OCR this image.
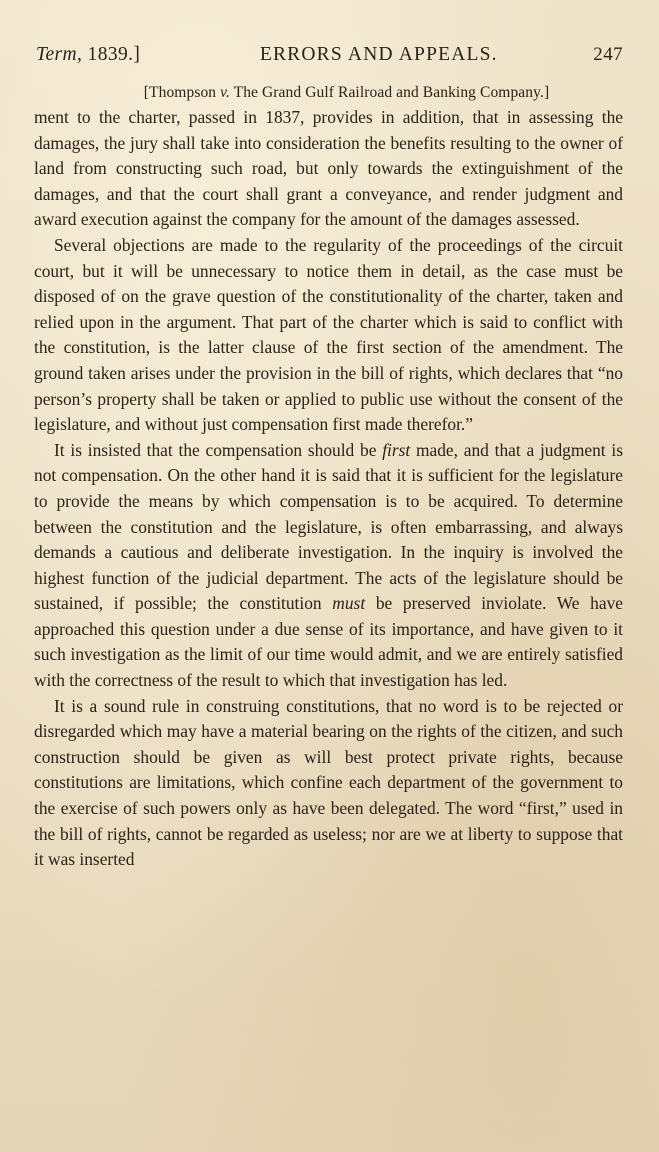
Term, 1839.]	ERRORS AND APPEALS.	247
[Thompson v. The Grand Gulf Railroad and Banking Company.]

ment to the charter, passed in 1837, provides in addition, that in assessing the damages, the jury shall take into consideration the benefits resulting to the owner of land from constructing such road, but only towards the extinguishment of the damages, and that the court shall grant a conveyance, and render judgment and award execution against the company for the amount of the damages assessed.

Several objections are made to the regularity of the proceedings of the circuit court, but it will be unnecessary to notice them in detail, as the case must be disposed of on the grave question of the constitutionality of the charter, taken and relied upon in the argument. That part of the charter which is said to conflict with the constitution, is the latter clause of the first section of the amendment. The ground taken arises under the provision in the bill of rights, which declares that “no person’s property shall be taken or applied to public use without the consent of the legislature, and without just compensation first made therefor.”

It is insisted that the compensation should be first made, and that a judgment is not compensation. On the other hand it is said that it is sufficient for the legislature to provide the means by which compensation is to be acquired. To determine between the constitution and the legislature, is often embarrassing, and always demands a cautious and deliberate investigation. In the inquiry is involved the highest function of the judicial department. The acts of the legislature should be sustained, if possible; the constitution must be preserved inviolate. We have approached this question under a due sense of its importance, and have given to it such investigation as the limit of our time would admit, and we are entirely satisfied with the correctness of the result to which that investigation has led.

It is a sound rule in construing constitutions, that no word is to be rejected or disregarded which may have a material bearing on the rights of the citizen, and such construction should be given as will best protect private rights, because constitutions are limitations, which confine each department of the government to the exercise of such powers only as have been delegated. The word “first,” used in the bill of rights, cannot be regarded as useless; nor are we at liberty to suppose that it was inserted
